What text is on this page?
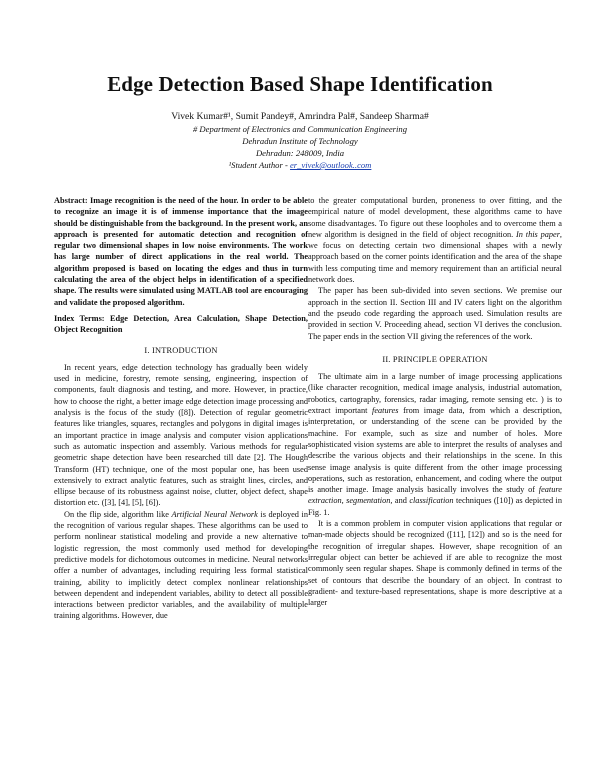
Edge Detection Based Shape Identification
Vivek Kumar#¹, Sumit Pandey#, Amrindra Pal#, Sandeep Sharma#
# Department of Electronics and Communication Engineering
Dehradun Institute of Technology
Dehradun: 248009, India
¹Student Author - er_vivek@outlook..com

Abstract: Image recognition is the need of the hour. In order to be able to recognize an image it is of immense importance that the image should be distinguishable from the background. In the present work, an approach is presented for automatic detection and recognition of regular two dimensional shapes in low noise environments. The work has large number of direct applications in the real world. The algorithm proposed is based on locating the edges and thus in turn calculating the area of the object helps in identification of a specified shape. The results were simulated using MATLAB tool are encouraging and validate the proposed algorithm.

Index Terms: Edge Detection, Area Calculation, Shape Detection, Object Recognition

I. INTRODUCTION

In recent years, edge detection technology has gradually been widely used in medicine, forestry, remote sensing, engineering, inspection of components, fault diagnosis and testing, and more. However, in practice, how to choose the right, a better image edge detection image processing and analysis is the focus of the study ([8]). Detection of regular geometric features like triangles, squares, rectangles and polygons in digital images is an important practice in image analysis and computer vision applications such as automatic inspection and assembly. Various methods for regular geometric shape detection have been researched till date [2]. The Hough Transform (HT) technique, one of the most popular one, has been used extensively to extract analytic features, such as straight lines, circles, and ellipse because of its robustness against noise, clutter, object defect, shape distortion etc. ([3], [4], [5], [6]).

On the flip side, algorithm like Artificial Neural Network is deployed in the recognition of various regular shapes. These algorithms can be used to perform nonlinear statistical modeling and provide a new alternative to logistic regression, the most commonly used method for developing predictive models for dichotomous outcomes in medicine. Neural networks offer a number of advantages, including requiring less formal statistical training, ability to implicitly detect complex nonlinear relationships between dependent and independent variables, ability to detect all possible interactions between predictor variables, and the availability of multiple training algorithms. However, due

to the greater computational burden, proneness to over fitting, and the empirical nature of model development, these algorithms came to have some disadvantages. To figure out these loopholes and to overcome them a new algorithm is designed in the field of object recognition. In this paper, we focus on detecting certain two dimensional shapes with a newly approach based on the corner points identification and the area of the shape with less computing time and memory requirement than an artificial neural network does.

The paper has been sub-divided into seven sections. We premise our approach in the section II. Section III and IV caters light on the algorithm and the pseudo code regarding the approach used. Simulation results are provided in section V. Proceeding ahead, section VI derives the conclusion. The paper ends in the section VII giving the references of the work.

II. PRINCIPLE OPERATION

The ultimate aim in a large number of image processing applications (like character recognition, medical image analysis, industrial automation, robotics, cartography, forensics, radar imaging, remote sensing etc. ) is to extract important features from image data, from which a description, interpretation, or understanding of the scene can be provided by the machine. For example, such as size and number of holes. More sophisticated vision systems are able to interpret the results of analyses and describe the various objects and their relationships in the scene. In this sense image analysis is quite different from the other image processing operations, such as restoration, enhancement, and coding where the output is another image. Image analysis basically involves the study of feature extraction, segmentation, and classification techniques ([10]) as depicted in Fig. 1.

It is a common problem in computer vision applications that regular or man-made objects should be recognized ([11], [12]) and so is the need for the recognition of irregular shapes. However, shape recognition of an irregular object can better be achieved if are able to recognize the most commonly seen regular shapes. Shape is commonly defined in terms of the set of contours that describe the boundary of an object. In contrast to gradient- and texture-based representations, shape is more descriptive at a larger
